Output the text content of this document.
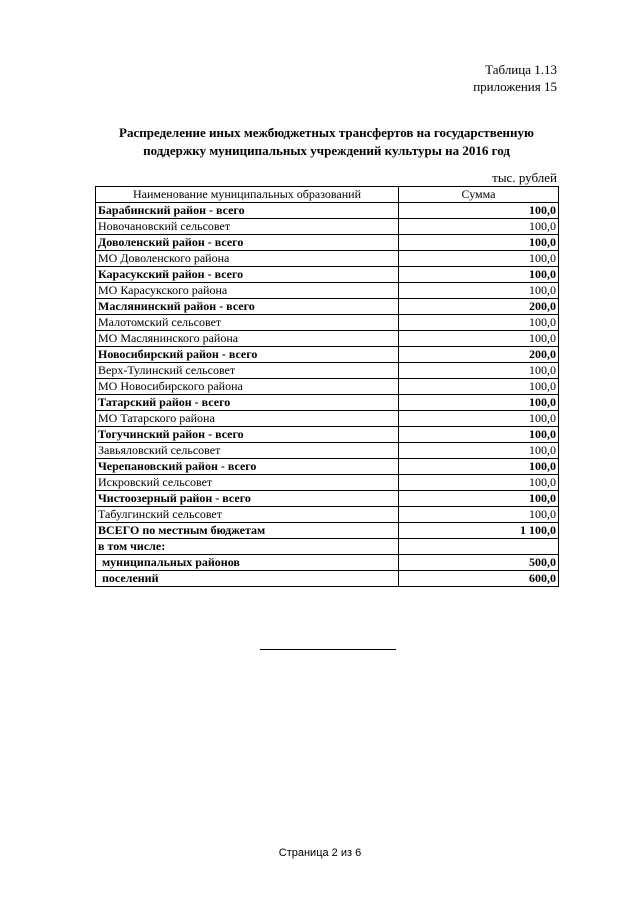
Таблица 1.13
приложения 15
Распределение иных межбюджетных трансфертов на государственную
поддержку муниципальных учреждений культуры на 2016 год
тыс. рублей
Наименование муниципальных образований	Сумма
Барабинский район - всего	100,0
Новочановский сельсовет	100,0
Доволенский район - всего	100,0
МО Доволенского района	100,0
Карасукский район - всего	100,0
МО Карасукского района	100,0
Маслянинский район - всего	200,0
Малотомский сельсовет	100,0
МО Маслянинского района	100,0
Новосибирский район - всего	200,0
Верх-Тулинский сельсовет	100,0
МО Новосибирского района	100,0
Татарский район - всего	100,0
МО Татарского района	100,0
Тогучинский район - всего	100,0
Завьяловский сельсовет	100,0
Черепановский район - всего	100,0
Искровский сельсовет	100,0
Чистоозерный район - всего	100,0
Табулгинский сельсовет	100,0
ВСЕГО по местным бюджетам	1 100,0
в том числе:	
муниципальных районов	500,0
поселений	600,0
Страница 2 из 6
